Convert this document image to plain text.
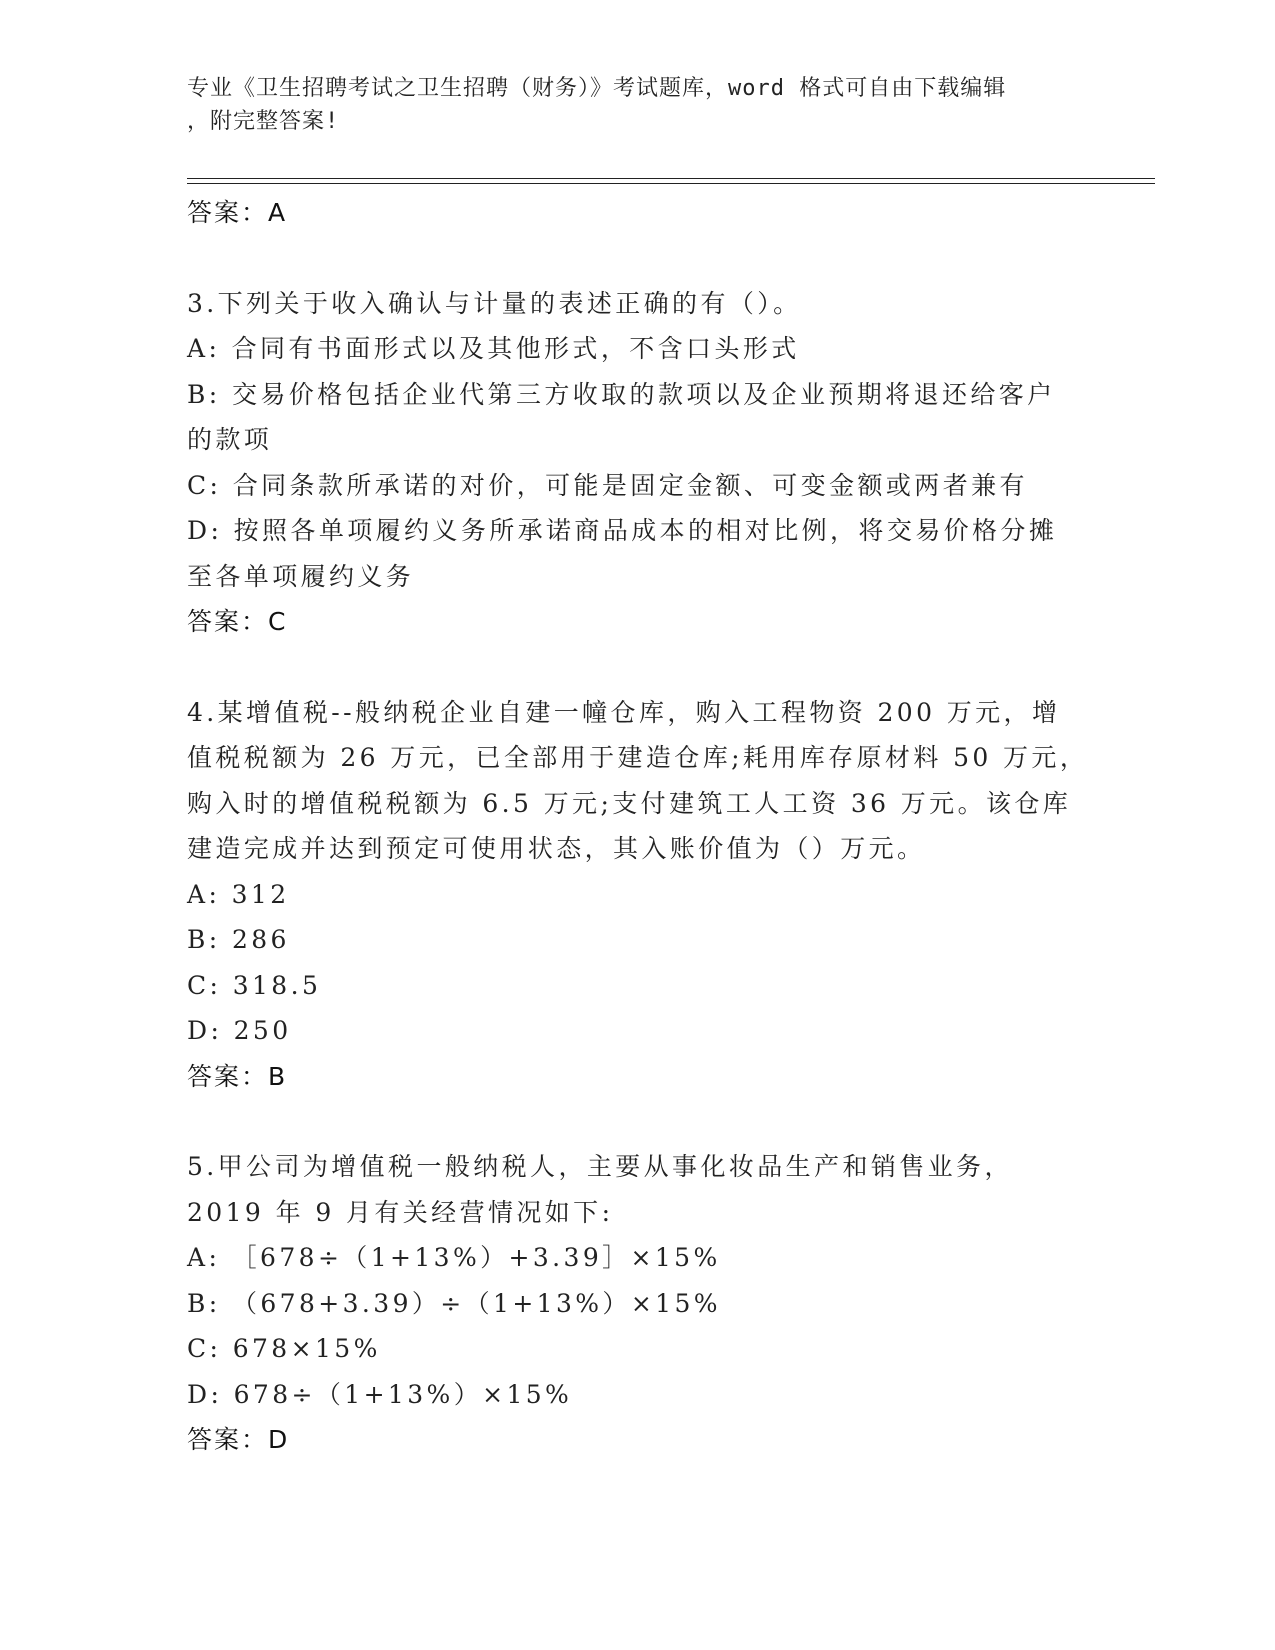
专业《卫生招聘考试之卫生招聘（财务）》考试题库，word 格式可自由下载编辑
，附完整答案!
答案：A
3.下列关于收入确认与计量的表述正确的有（）。
A: 合同有书面形式以及其他形式，不含口头形式
B: 交易价格包括企业代第三方收取的款项以及企业预期将退还给客户
的款项
C: 合同条款所承诺的对价，可能是固定金额、可变金额或两者兼有
D: 按照各单项履约义务所承诺商品成本的相对比例，将交易价格分摊
至各单项履约义务
答案：C
4.某增值税--般纳税企业自建一幢仓库，购入工程物资 200 万元，增
值税税额为 26 万元，已全部用于建造仓库;耗用库存原材料 50 万元，
购入时的增值税税额为 6.5 万元;支付建筑工人工资 36 万元。该仓库
建造完成并达到预定可使用状态，其入账价值为（）万元。
A: 312
B: 286
C: 318.5
D: 250
答案：B
5.甲公司为增值税一般纳税人，主要从事化妆品生产和销售业务，
2019 年 9 月有关经营情况如下:
A: ［678÷（1+13%）+3.39］×15%
B: （678+3.39）÷（1+13%）×15%
C: 678×15%
D: 678÷（1+13%）×15%
答案：D
